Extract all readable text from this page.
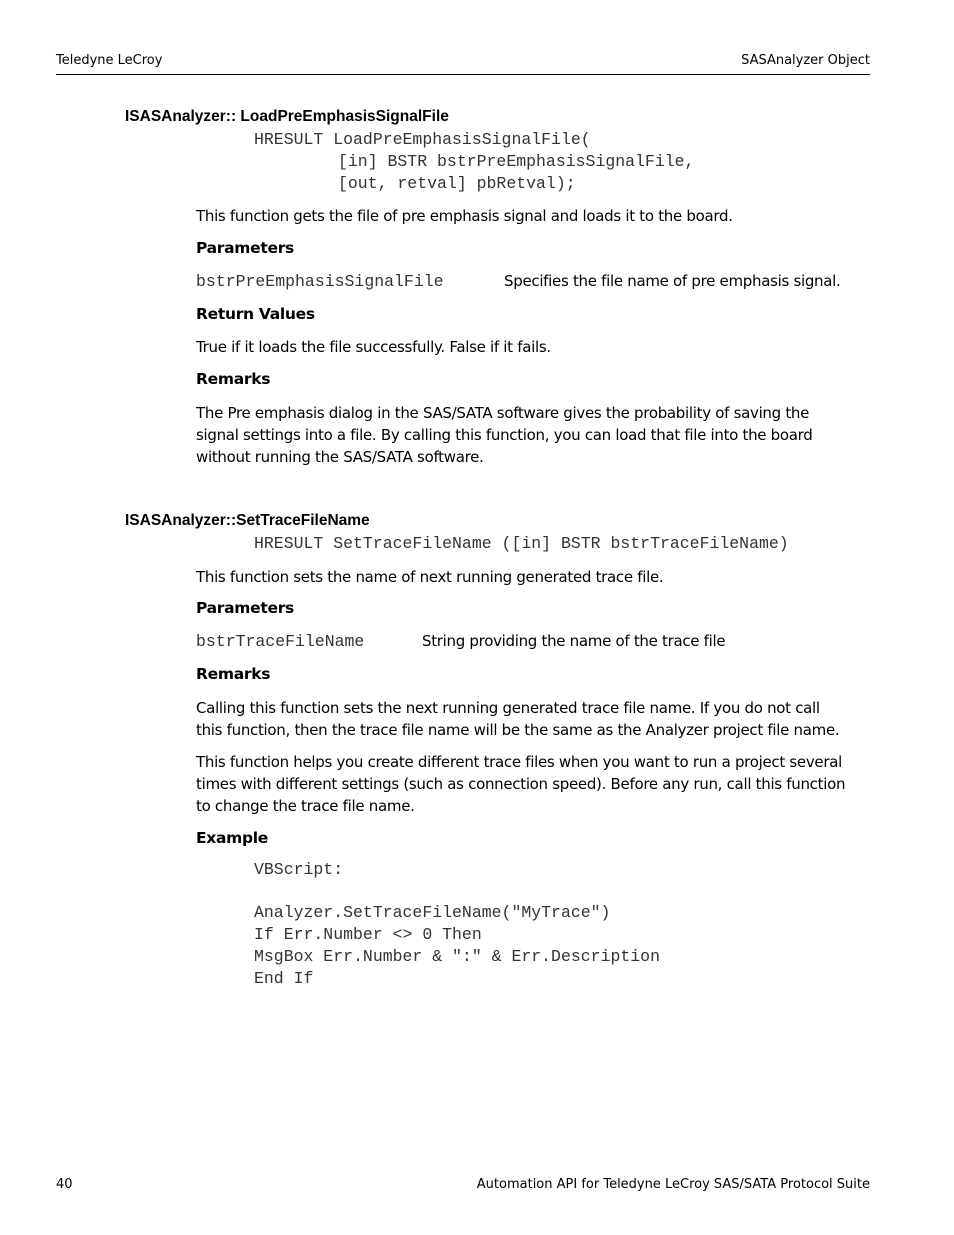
Teledyne LeCroy	SASAnalyzer Object
ISASAnalyzer:: LoadPreEmphasisSignalFile
HRESULT LoadPreEmphasisSignalFile(
[in] BSTR bstrPreEmphasisSignalFile,
[out, retval] pbRetval);
This function gets the file of pre emphasis signal and loads it to the board.
Parameters
bstrPreEmphasisSignalFile	Specifies the file name of pre emphasis signal.
Return Values
True if it loads the file successfully. False if it fails.
Remarks
The Pre emphasis dialog in the SAS/SATA software gives the probability of saving the
signal settings into a file. By calling this function, you can load that file into the board
without running the SAS/SATA software.
ISASAnalyzer::SetTraceFileName
HRESULT SetTraceFileName ([in] BSTR bstrTraceFileName)
This function sets the name of next running generated trace file.
Parameters
bstrTraceFileName	String providing the name of the trace file
Remarks
Calling this function sets the next running generated trace file name. If you do not call
this function, then the trace file name will be the same as the Analyzer project file name.
This function helps you create different trace files when you want to run a project several
times with different settings (such as connection speed). Before any run, call this function
to change the trace file name.
Example
VBScript:
Analyzer.SetTraceFileName("MyTrace")
If Err.Number <> 0 Then
MsgBox Err.Number & ":" & Err.Description
End If
40	Automation API for Teledyne LeCroy SAS/SATA Protocol Suite
